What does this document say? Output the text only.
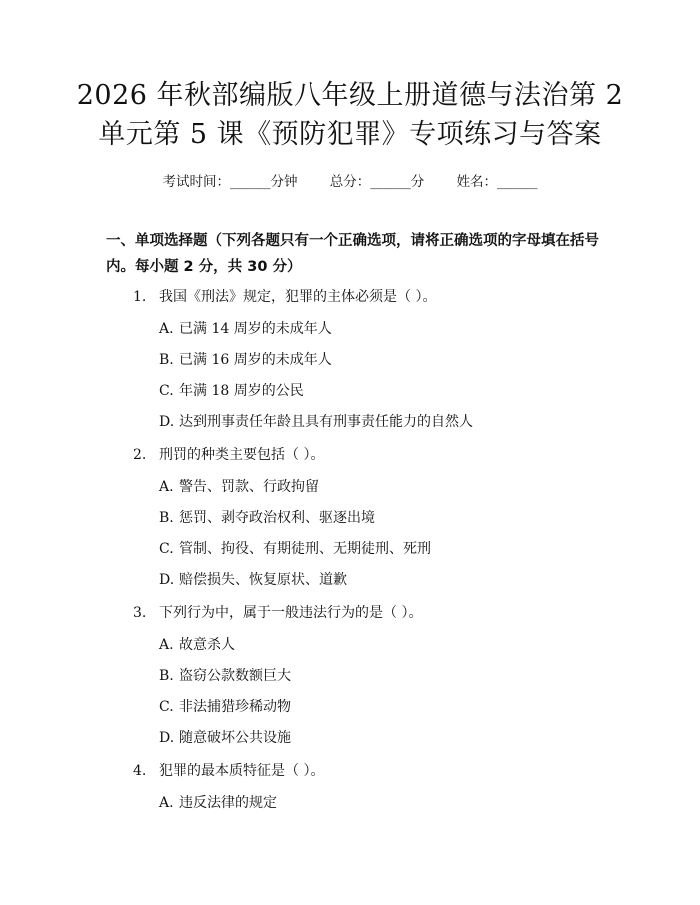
2026 年秋部编版八年级上册道德与法治第 2
单元第 5 课《预防犯罪》专项练习与答案
考试时间：______分钟 总分：______分 姓名：______
一、单项选择题（下列各题只有一个正确选项，请将正确选项的字母填在括号内。每小题 2 分，共 30 分）
1. 我国《刑法》规定，犯罪的主体必须是（ ）。
A. 已满 14 周岁的未成年人
B. 已满 16 周岁的未成年人
C. 年满 18 周岁的公民
D. 达到刑事责任年龄且具有刑事责任能力的自然人
2. 刑罚的种类主要包括（ ）。
A. 警告、罚款、行政拘留
B. 惩罚、剥夺政治权利、驱逐出境
C. 管制、拘役、有期徒刑、无期徒刑、死刑
D. 赔偿损失、恢复原状、道歉
3. 下列行为中，属于一般违法行为的是（ ）。
A. 故意杀人
B. 盗窃公款数额巨大
C. 非法捕猎珍稀动物
D. 随意破坏公共设施
4. 犯罪的最本质特征是（ ）。
A. 违反法律的规定
